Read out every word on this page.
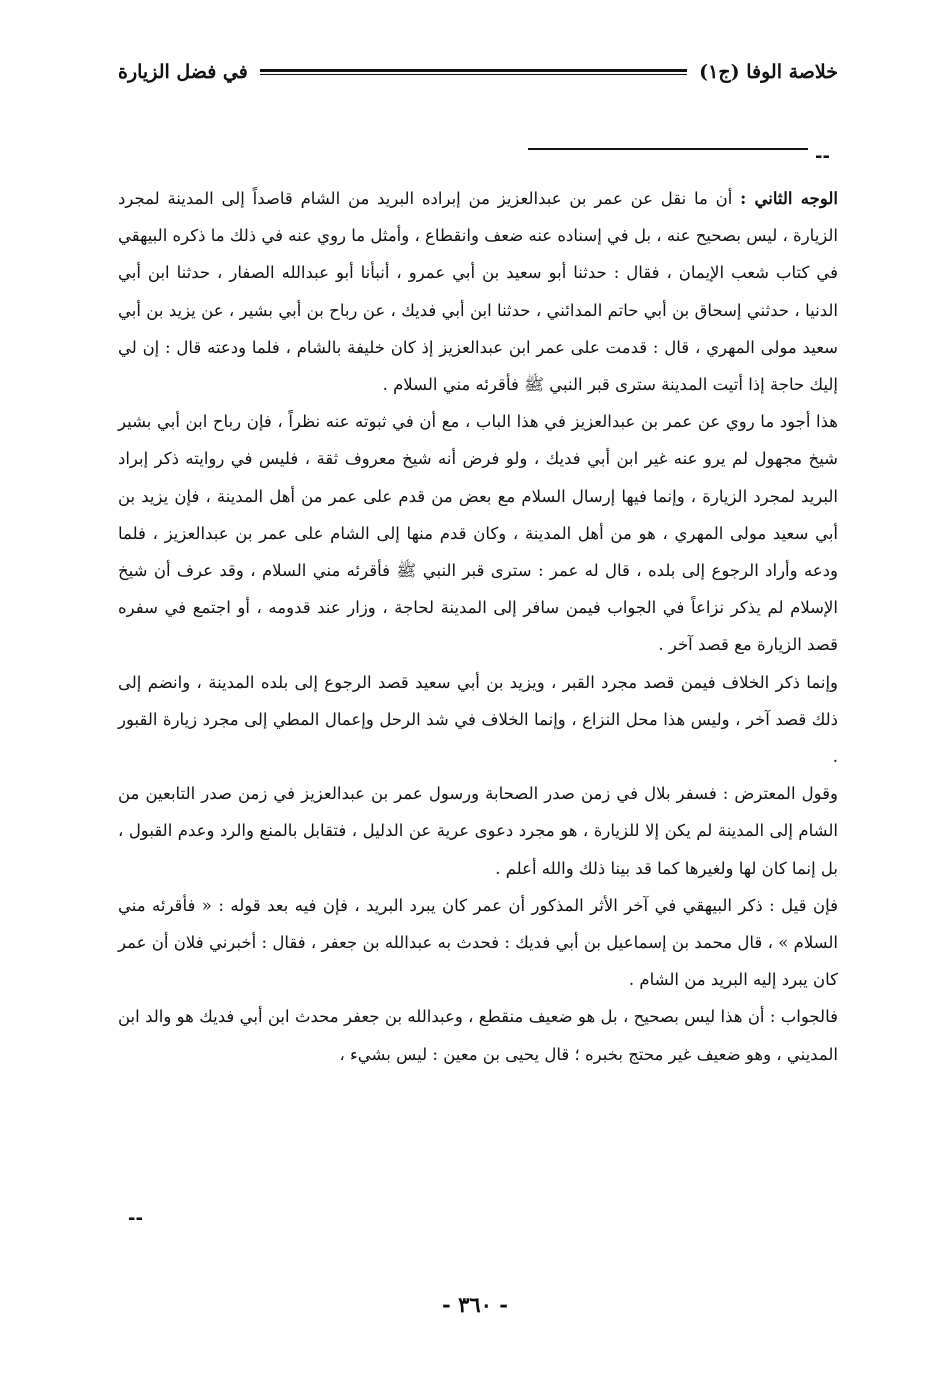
خلاصة الوفا (ج١)
في فضل الزيارة
--

الوجه الثاني : أن ما نقل عن عمر بن عبدالعزيز من إبراده البريد من الشام قاصداً إلى المدينة لمجرد الزيارة ، ليس بصحيح عنه ، بل في إسناده عنه ضعف وانقطاع ، وأمثل ما روي عنه في ذلك ما ذكره البيهقي في كتاب شعب الإيمان ، فقال : حدثنا أبو سعيد بن أبي عمرو ، أنبأنا أبو عبدالله الصفار ، حدثنا ابن أبي الدنيا ، حدثني إسحاق بن أبي حاتم المدائني ، حدثنا ابن أبي فديك ، عن رباح بن أبي بشير ، عن يزيد بن أبي سعيد مولى المهري ، قال : قدمت على عمر ابن عبدالعزيز إذ كان خليفة بالشام ، فلما ودعته قال : إن لي إليك حاجة إذا أتيت المدينة سترى قبر النبي ﷺ فأقرئه مني السلام .

هذا أجود ما روي عن عمر بن عبدالعزيز في هذا الباب ، مع أن في ثبوته عنه نظراً ، فإن رباح ابن أبي بشير شيخ مجهول لم يرو عنه غير ابن أبي فديك ، ولو فرض أنه شيخ معروف ثقة ، فليس في روايته ذكر إبراد البريد لمجرد الزيارة ، وإنما فيها إرسال السلام مع بعض من قدم على عمر من أهل المدينة ، فإن يزيد بن أبي سعيد مولى المهري ، هو من أهل المدينة ، وكان قدم منها إلى الشام على عمر بن عبدالعزيز ، فلما ودعه وأراد الرجوع إلى بلده ، قال له عمر : سترى قبر النبي ﷺ فأقرئه مني السلام ، وقد عرف أن شيخ الإسلام لم يذكر نزاعاً في الجواب فيمن سافر إلى المدينة لحاجة ، وزار عند قدومه ، أو اجتمع في سفره قصد الزيارة مع قصد آخر .

وإنما ذكر الخلاف فيمن قصد مجرد القبر ، ويزيد بن أبي سعيد قصد الرجوع إلى بلده المدينة ، وانضم إلى ذلك قصد آخر ، وليس هذا محل النزاع ، وإنما الخلاف في شد الرحل وإعمال المطي إلى مجرد زيارة القبور .

وقول المعترض : فسفر بلال في زمن صدر الصحابة ورسول عمر بن عبدالعزيز في زمن صدر التابعين من الشام إلى المدينة لم يكن إلا للزيارة ، هو مجرد دعوى عرية عن الدليل ، فتقابل بالمنع والرد وعدم القبول ، بل إنما كان لها ولغيرها كما قد بينا ذلك والله أعلم .

فإن قيل : ذكر البيهقي في آخر الأثر المذكور أن عمر كان يبرد البريد ، فإن فيه بعد قوله : « فأقرئه مني السلام » ، قال محمد بن إسماعيل بن أبي فديك : فحدث به عبدالله بن جعفر ، فقال : أخبرني فلان أن عمر كان يبرد إليه البريد من الشام .

فالجواب : أن هذا ليس بصحيح ، بل هو ضعيف منقطع ، وعبدالله بن جعفر محدث ابن أبي فديك هو والد ابن المديني ، وهو ضعيف غير محتج بخبره ؛ قال يحيى بن معين : ليس بشيء ،

--
- ٣٦٠ -
